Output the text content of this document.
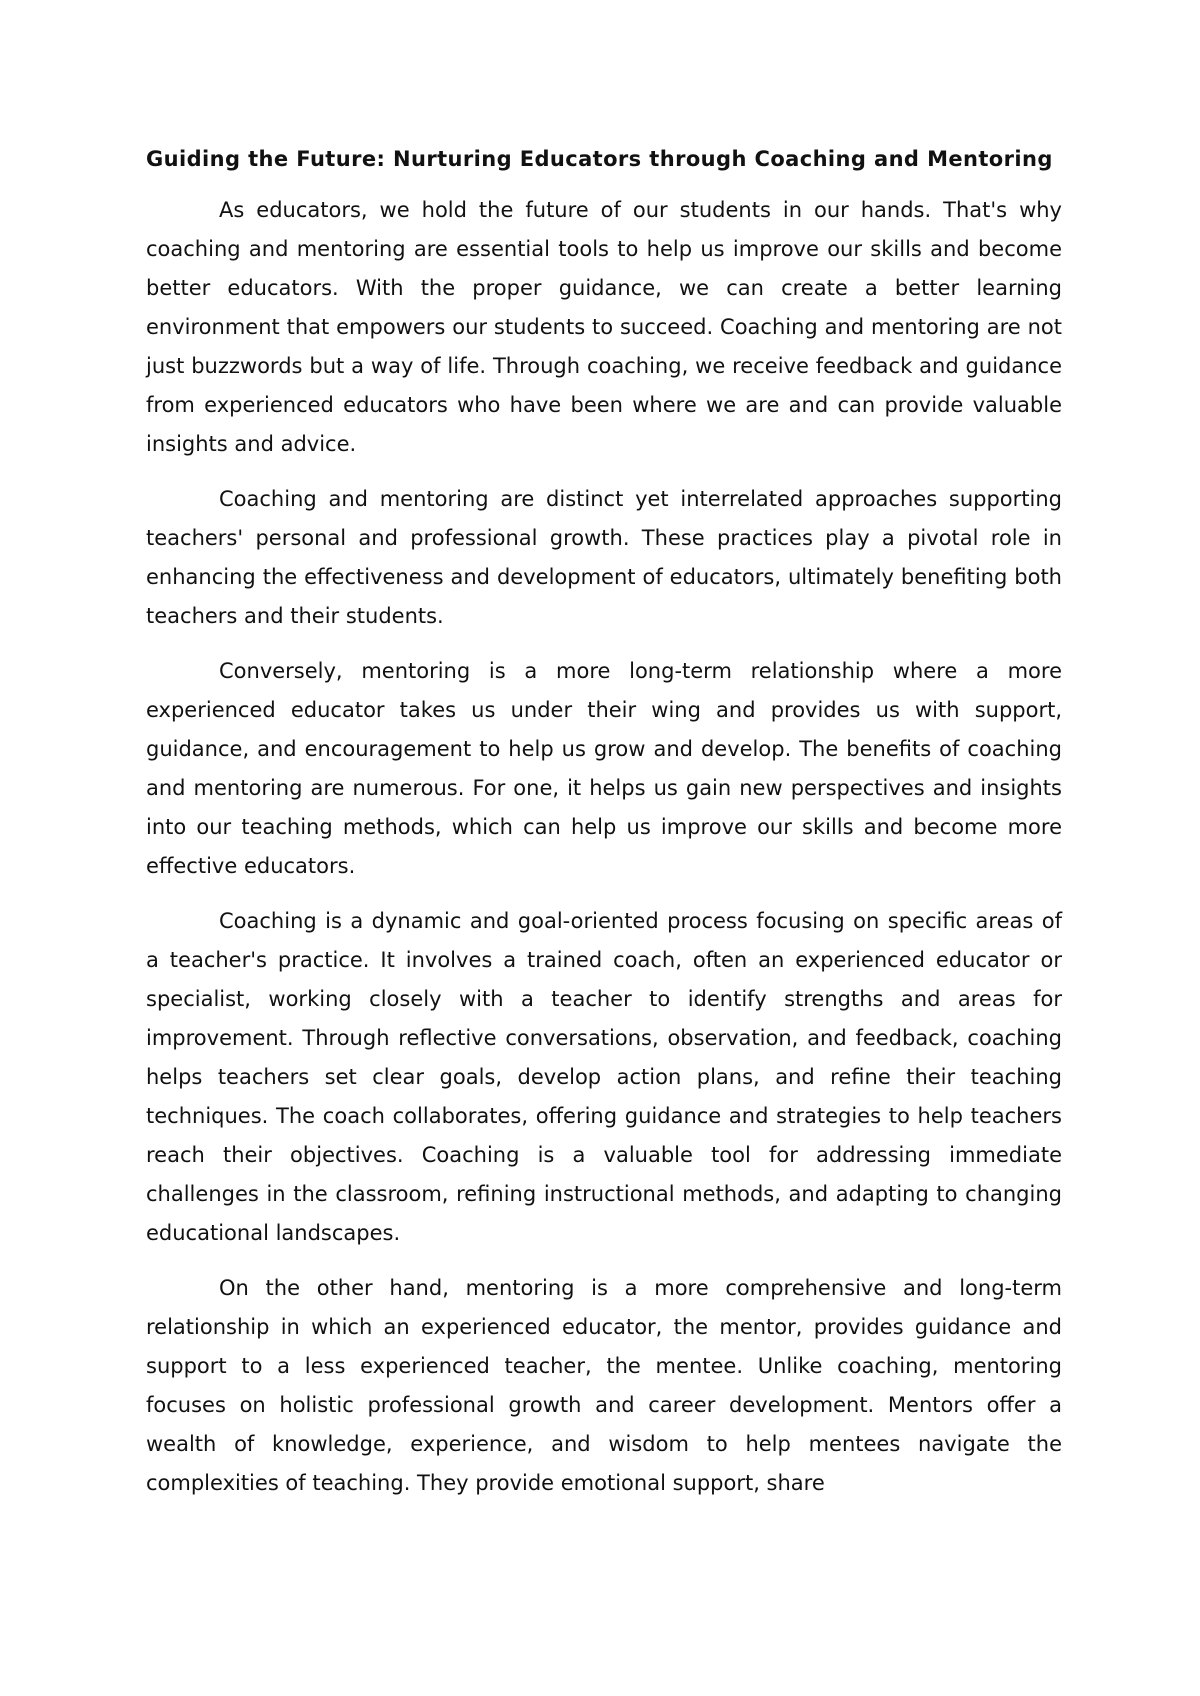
Guiding the Future: Nurturing Educators through Coaching and Mentoring

As educators, we hold the future of our students in our hands. That's why coaching and mentoring are essential tools to help us improve our skills and become better educators. With the proper guidance, we can create a better learning environment that empowers our students to succeed. Coaching and mentoring are not just buzzwords but a way of life. Through coaching, we receive feedback and guidance from experienced educators who have been where we are and can provide valuable insights and advice.

Coaching and mentoring are distinct yet interrelated approaches supporting teachers' personal and professional growth. These practices play a pivotal role in enhancing the effectiveness and development of educators, ultimately benefiting both teachers and their students.

Conversely, mentoring is a more long-term relationship where a more experienced educator takes us under their wing and provides us with support, guidance, and encouragement to help us grow and develop. The benefits of coaching and mentoring are numerous. For one, it helps us gain new perspectives and insights into our teaching methods, which can help us improve our skills and become more effective educators.

Coaching is a dynamic and goal-oriented process focusing on specific areas of a teacher's practice. It involves a trained coach, often an experienced educator or specialist, working closely with a teacher to identify strengths and areas for improvement. Through reflective conversations, observation, and feedback, coaching helps teachers set clear goals, develop action plans, and refine their teaching techniques. The coach collaborates, offering guidance and strategies to help teachers reach their objectives. Coaching is a valuable tool for addressing immediate challenges in the classroom, refining instructional methods, and adapting to changing educational landscapes.

On the other hand, mentoring is a more comprehensive and long-term relationship in which an experienced educator, the mentor, provides guidance and support to a less experienced teacher, the mentee. Unlike coaching, mentoring focuses on holistic professional growth and career development. Mentors offer a wealth of knowledge, experience, and wisdom to help mentees navigate the complexities of teaching. They provide emotional support, share
